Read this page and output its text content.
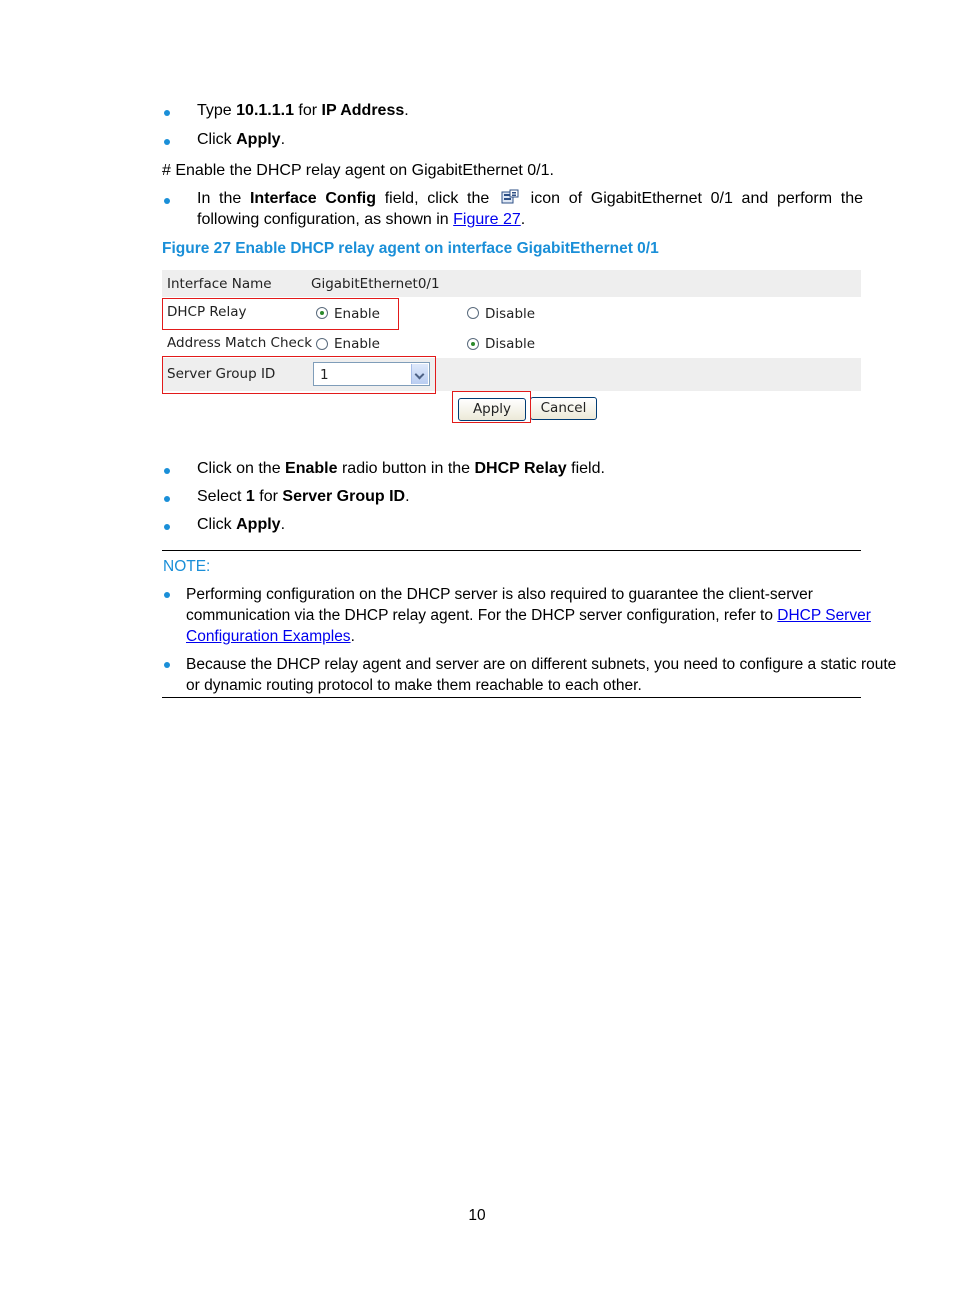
Type 10.1.1.1 for IP Address.
Click Apply.
# Enable the DHCP relay agent on GigabitEthernet 0/1.
In the Interface Config field, click the  icon of GigabitEthernet 0/1 and perform the
following configuration, as shown in Figure 27.
Figure 27 Enable DHCP relay agent on interface GigabitEthernet 0/1
Interface Name	GigabitEthernet0/1
DHCP Relay	Enable	Disable
Address Match Check Enable	Disable
Server Group ID	1
Apply	Cancel
Click on the Enable radio button in the DHCP Relay field.
Select 1 for Server Group ID.
Click Apply.
NOTE:
Performing configuration on the DHCP server is also required to guarantee the client-server
communication via the DHCP relay agent. For the DHCP server configuration, refer to DHCP Server
Configuration Examples.
Because the DHCP relay agent and server are on different subnets, you need to configure a static route
or dynamic routing protocol to make them reachable to each other.
10
